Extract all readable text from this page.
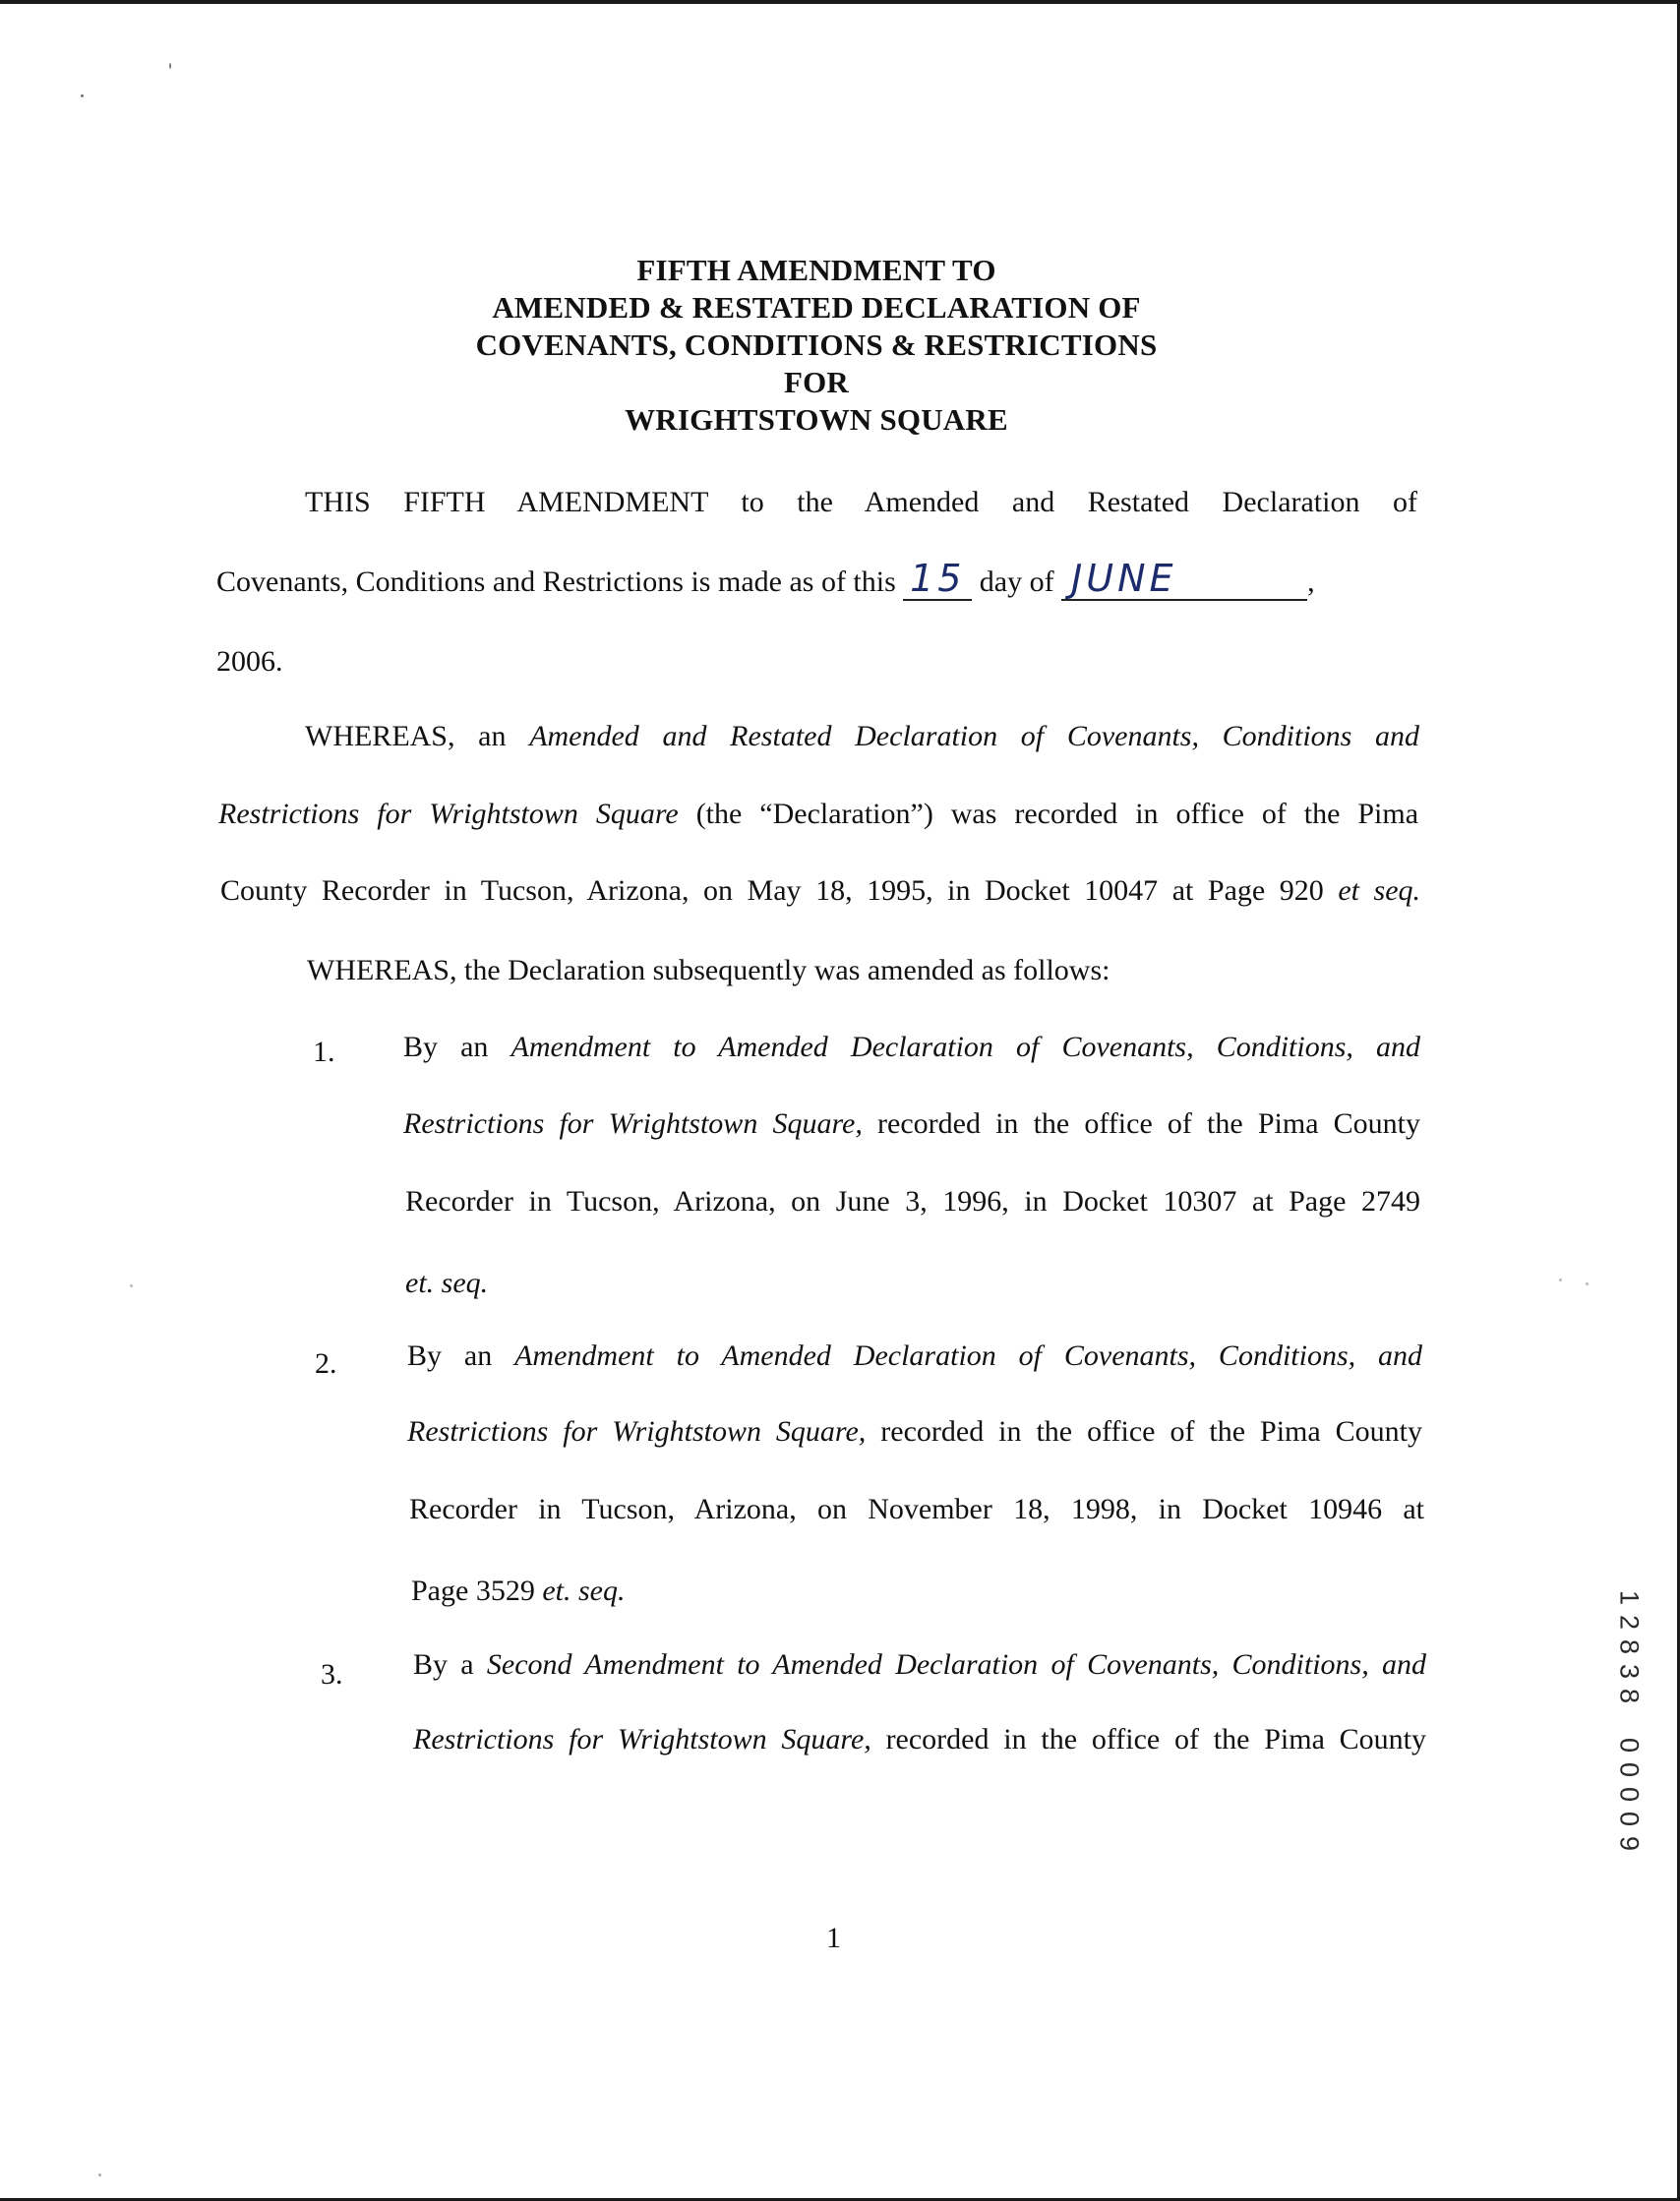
FIFTH AMENDMENT TO
AMENDED & RESTATED DECLARATION OF
COVENANTS, CONDITIONS & RESTRICTIONS
FOR
WRIGHTSTOWN SQUARE
THIS FIFTH AMENDMENT to the Amended and Restated Declaration of
Covenants, Conditions and Restrictions is made as of this 15 day of JUNE	,
2006.
WHEREAS, an Amended and Restated Declaration of Covenants, Conditions and
Restrictions for Wrightstown Square (the “Declaration”) was recorded in office of the Pima
County Recorder in Tucson, Arizona, on May 18, 1995, in Docket 10047 at Page 920 et seq.
WHEREAS, the Declaration subsequently was amended as follows:
1. By an Amendment to Amended Declaration of Covenants, Conditions, and
Restrictions for Wrightstown Square, recorded in the office of the Pima County
Recorder in Tucson, Arizona, on June 3, 1996, in Docket 10307 at Page 2749
et. seq.
2. By an Amendment to Amended Declaration of Covenants, Conditions, and
Restrictions for Wrightstown Square, recorded in the office of the Pima County
Recorder in Tucson, Arizona, on November 18, 1998, in Docket 10946 at
Page 3529 et. seq.
3. By a Second Amendment to Amended Declaration of Covenants, Conditions, and
Restrictions for Wrightstown Square, recorded in the office of the Pima County
1
1
2
8
3
8

0
0
0
0
9
